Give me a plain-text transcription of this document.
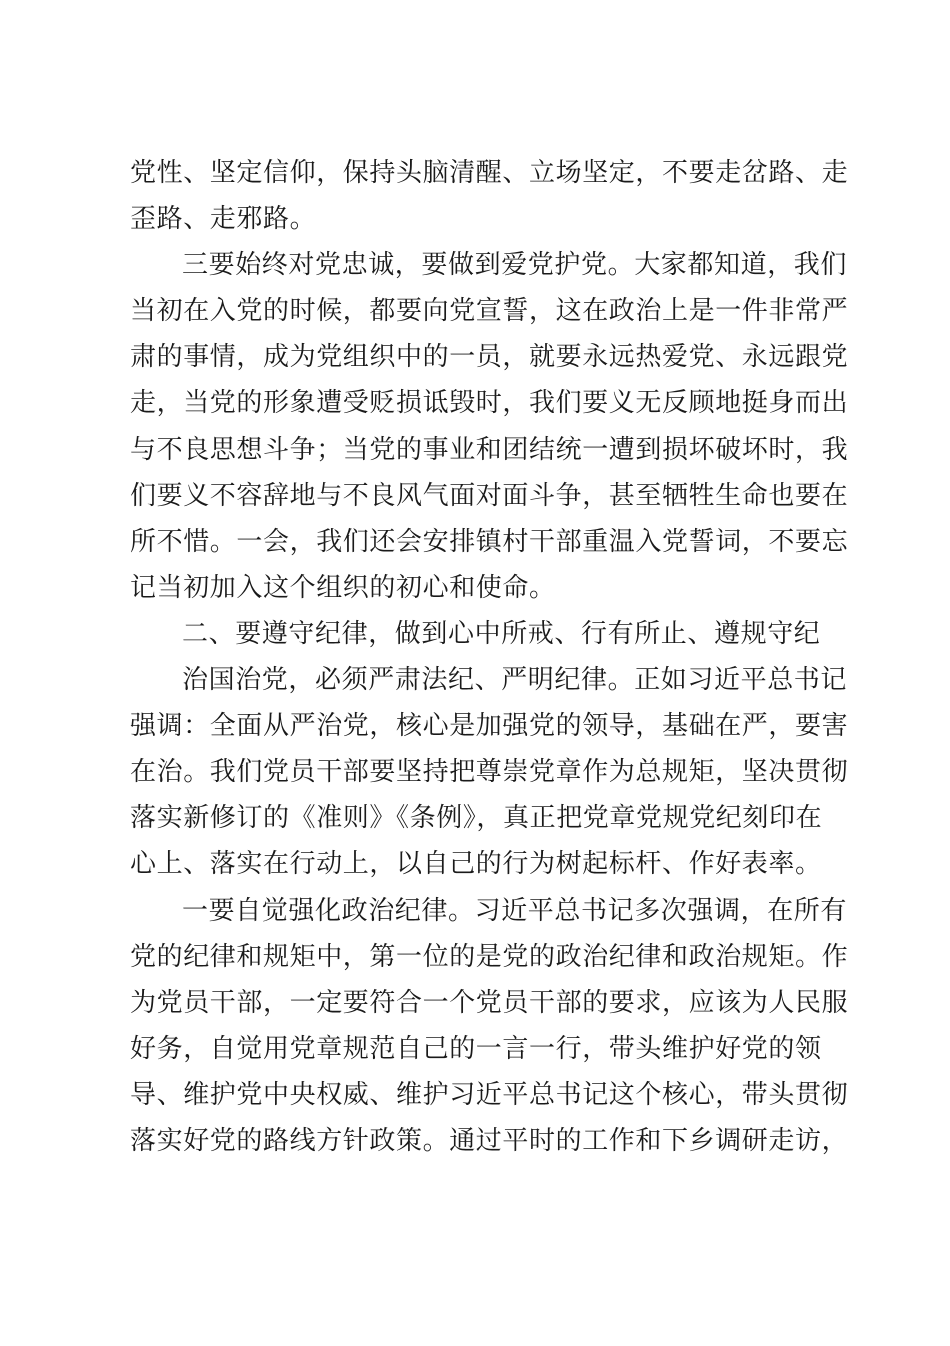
党性、坚定信仰，保持头脑清醒、立场坚定，不要走岔路、走
歪路、走邪路。
三要始终对党忠诚，要做到爱党护党。大家都知道，我们
当初在入党的时候，都要向党宣誓，这在政治上是一件非常严
肃的事情，成为党组织中的一员，就要永远热爱党、永远跟党
走，当党的形象遭受贬损诋毁时，我们要义无反顾地挺身而出
与不良思想斗争；当党的事业和团结统一遭到损坏破坏时，我
们要义不容辞地与不良风气面对面斗争，甚至牺牲生命也要在
所不惜。一会，我们还会安排镇村干部重温入党誓词，不要忘
记当初加入这个组织的初心和使命。
二、要遵守纪律，做到心中所戒、行有所止、遵规守纪
治国治党，必须严肃法纪、严明纪律。正如习近平总书记
强调：全面从严治党，核心是加强党的领导，基础在严，要害
在治。我们党员干部要坚持把尊崇党章作为总规矩，坚决贯彻
落实新修订的《准则》《条例》，真正把党章党规党纪刻印在
心上、落实在行动上，以自己的行为树起标杆、作好表率。
一要自觉强化政治纪律。习近平总书记多次强调，在所有
党的纪律和规矩中，第一位的是党的政治纪律和政治规矩。作
为党员干部，一定要符合一个党员干部的要求，应该为人民服
好务，自觉用党章规范自己的一言一行，带头维护好党的领
导、维护党中央权威、维护习近平总书记这个核心，带头贯彻
落实好党的路线方针政策。通过平时的工作和下乡调研走访，
